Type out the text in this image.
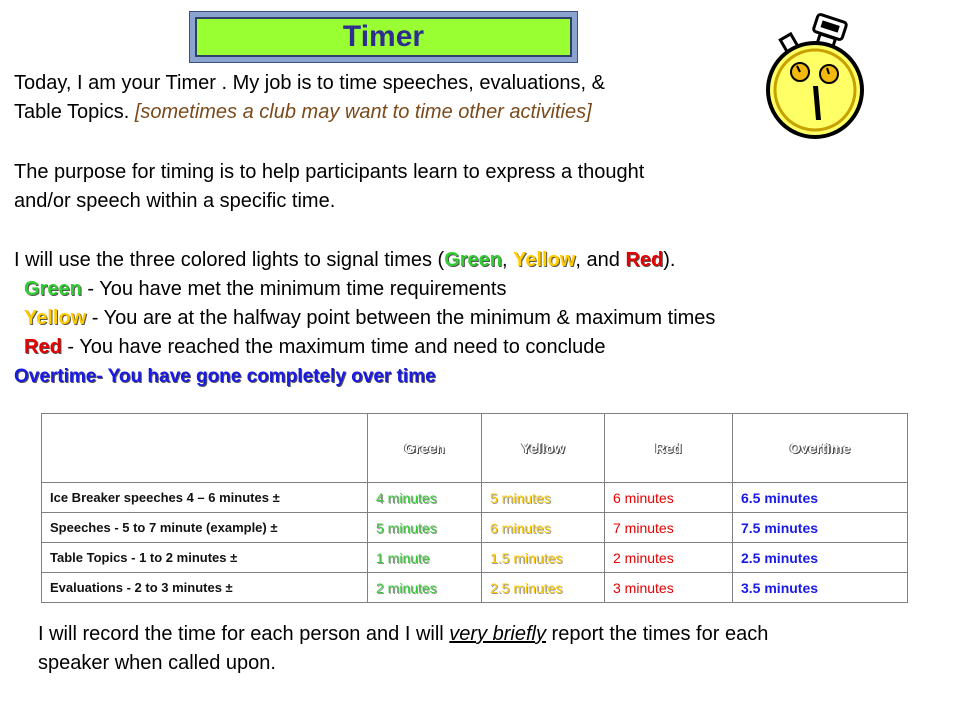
Timer
Today, I am your Timer . My job is to time speeches, evaluations, &
Table Topics. [sometimes a club may want to time other activities]
The purpose for timing is to help participants learn to express a thought
and/or speech within a specific time.
I will use the three colored lights to signal times (Green, Yellow, and Red).
Green - You have met the minimum time requirements
Yellow - You are at the halfway point between the minimum & maximum times
Red - You have reached the maximum time and need to conclude
Overtime- You have gone completely over time
	Green	Yellow	Red	Overtime
Ice Breaker speeches 4 – 6 minutes ±	4 minutes	5 minutes	6 minutes	6.5 minutes
Speeches - 5 to 7 minute (example) ±	5 minutes	6 minutes	7 minutes	7.5 minutes
Table Topics - 1 to 2 minutes ±	1 minute	1.5 minutes	2 minutes	2.5 minutes
Evaluations - 2 to 3 minutes ±	2 minutes	2.5 minutes	3 minutes	3.5 minutes
I will record the time for each person and I will very briefly report the times for each
speaker when called upon.
